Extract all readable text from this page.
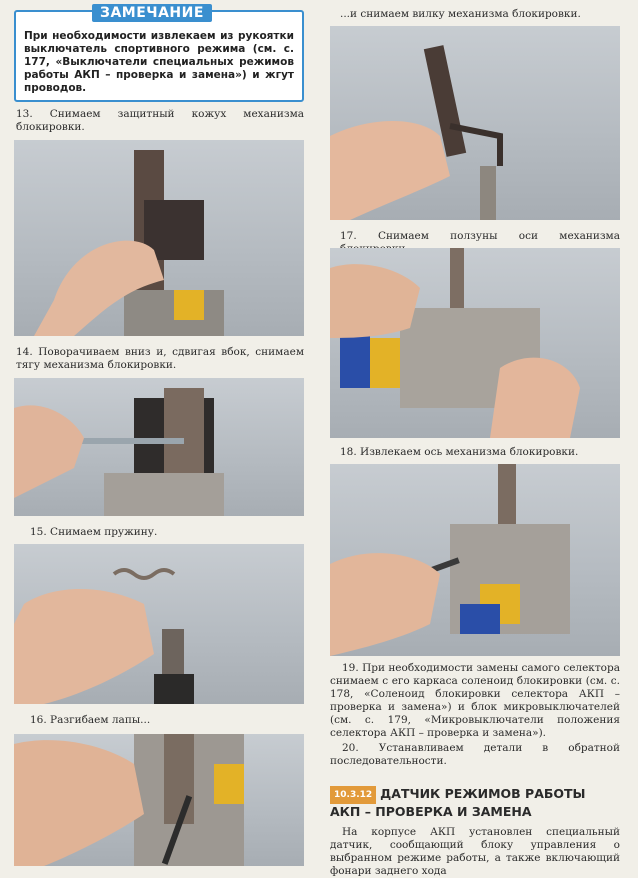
ЗАМЕЧАНИЕ
При необходимости извлекаем из рукоятки выключатель спортивного режима (см. с. 177, «Выключатели специальных режимов работы АКП – проверка и замена») и жгут проводов.
13. Снимаем защитный кожух механизма блокировки.
14. Поворачиваем вниз и, сдвигая вбок, снимаем тягу механизма блокировки.
15. Снимаем пружину.
16. Разгибаем лапы...
...и снимаем вилку механизма блокировки.
17. Снимаем ползуны оси механизма
18. Извлекаем ось механизма блокировки.
19. При необходимости замены самого селектора снимаем с его каркаса соленоид блокировки (см. с. 178, «Соленоид блокировки селектора АКП – проверка и замена») и блок микровыключателей (см. с. 179, «Микровыключатели положения селектора АКП – проверка и замена»).
20. Устанавливаем детали в обратной последовательности.
10.3.12 ДАТЧИК РЕЖИМОВ РАБОТЫ
АКП – ПРОВЕРКА И ЗАМЕНА
На корпусе АКП установлен специальный датчик, сообщающий блоку управления о выбранном режиме работы, а также включающий фонари заднего хода
